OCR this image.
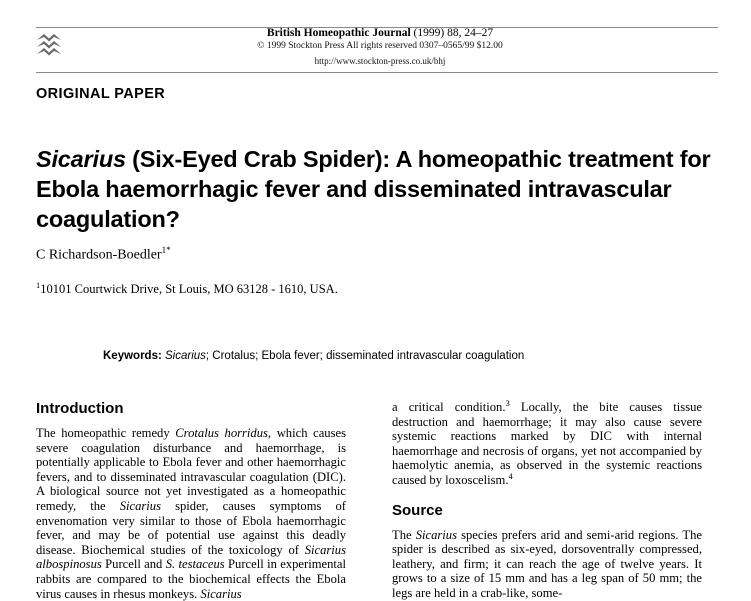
British Homeopathic Journal (1999) 88, 24–27
© 1999 Stockton Press All rights reserved 0307–0565/99 $12.00
http://www.stockton-press.co.uk/bhj
ORIGINAL PAPER
Sicarius (Six-Eyed Crab Spider): A homeopathic treatment for Ebola haemorrhagic fever and disseminated intravascular coagulation?
C Richardson-Boedler$^{1*}$
$^1$10101 Courtwick Drive, St Louis, MO 63128 - 1610, USA.
Keywords: Sicarius; Crotalus; Ebola fever; disseminated intravascular coagulation
Introduction

The homeopathic remedy Crotalus horridus, which causes severe coagulation disturbance and haemorrhage, is potentially applicable to Ebola fever and other haemorrhagic fevers, and to disseminated intravascular coagulation (DIC). A biological source not yet investigated as a homeopathic remedy, the Sicarius spider, causes symptoms of envenomation very similar to those of Ebola haemorrhagic fever, and may be of potential use against this deadly disease. Biochemical studies of the toxicology of Sicarius albospinosus Purcell and S. testaceus Purcell in experimental rabbits are compared to the biochemical effects the Ebola virus causes in rhesus monkeys. Sicarius

a critical condition.$^3$ Locally, the bite causes tissue destruction and haemorrhage; it may also cause severe systemic reactions marked by DIC with internal haemorrhage and necrosis of organs, yet not accompanied by haemolytic anemia, as observed in the systemic reactions caused by loxoscelism.$^4$

Source

The Sicarius species prefers arid and semi-arid regions. The spider is described as six-eyed, dorsoventrally compressed, leathery, and firm; it can reach the age of twelve years. It grows to a size of 15 mm and has a leg span of 50 mm; the legs are held in a crab-like, some-
